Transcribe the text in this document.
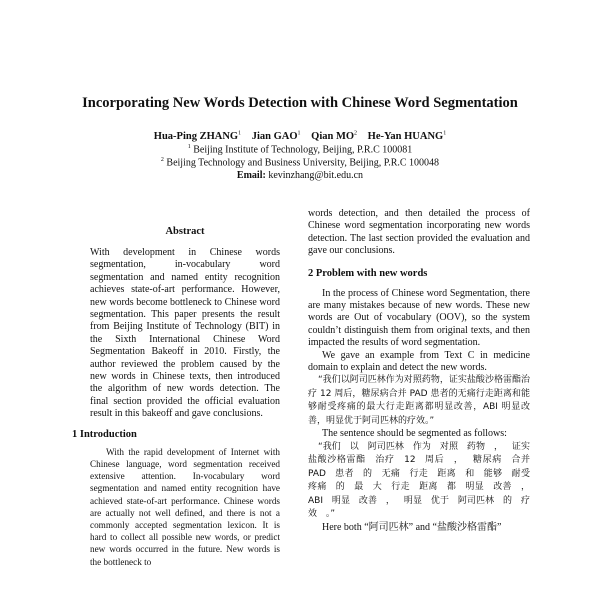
Incorporating New Words Detection with Chinese Word Segmentation
Hua-Ping ZHANG$^1$ Jian GAO$^1$ Qian $MO^2$ He-Yan HUANG$^1$
$^1$ Beijing Institute of Technology, Beijing, P.R.C 100081
$^2$ Beijing Technology and Business University, Beijing, P.R.C 100048
Email: kevinzhang@bit.edu.cn
Abstract

With development in Chinese words segmentation, in-vocabulary word segmentation and named entity recognition achieves state-of-art performance. However, new words become bottleneck to Chinese word segmentation. This paper presents the result from Beijing Institute of Technology (BIT) in the Sixth International Chinese Word Segmentation Bakeoff in 2010. Firstly, the author reviewed the problem caused by the new words in Chinese texts, then introduced the algorithm of new words detection. The final section provided the official evaluation result in this bakeoff and gave conclusions.

1 Introduction

With the rapid development of Internet with Chinese language, word segmentation received extensive attention. In-vocabulary word segmentation and named entity recognition have achieved state-of-art performance. Chinese words are actually not well defined, and there is not a commonly accepted segmentation lexicon. It is hard to collect all possible new words, or predict new words occurred in the future. New words is the bottleneck to

words detection, and then detailed the process of Chinese word segmentation incorporating new words detection. The last section provided the evaluation and gave our conclusions.

2 Problem with new words

In the process of Chinese word Segmentation, there are many mistakes because of new words. These new words are Out of vocabulary (OOV), so the system couldn’t distinguish them from original texts, and then impacted the results of word segmentation.

We gave an example from Text C in medicine domain to explain and detect the new words.

“我们以阿司匹林作为对照药物，证实盐酸沙格雷酯治疗 12 周后，糖尿病合并 PAD 患者的无痛行走距离和能够耐受疼痛的最大行走距离都明显改善，ABI 明显改善，明显优于阿司匹林的疗效。”

The sentence should be segmented as follows:

“我们 以 阿司匹林 作为 对照 药物 ， 证实 盐酸沙格雷酯 治疗 12 周后 ， 糖尿病 合并 PAD 患者 的 无痛 行走 距离 和 能够 耐受 疼痛 的 最 大 行走 距离 都 明显 改善 ， ABI 明显 改善 ， 明显 优于 阿司匹林 的 疗效 。”

Here both “阿司匹林” and “盐酸沙格雷酯”
